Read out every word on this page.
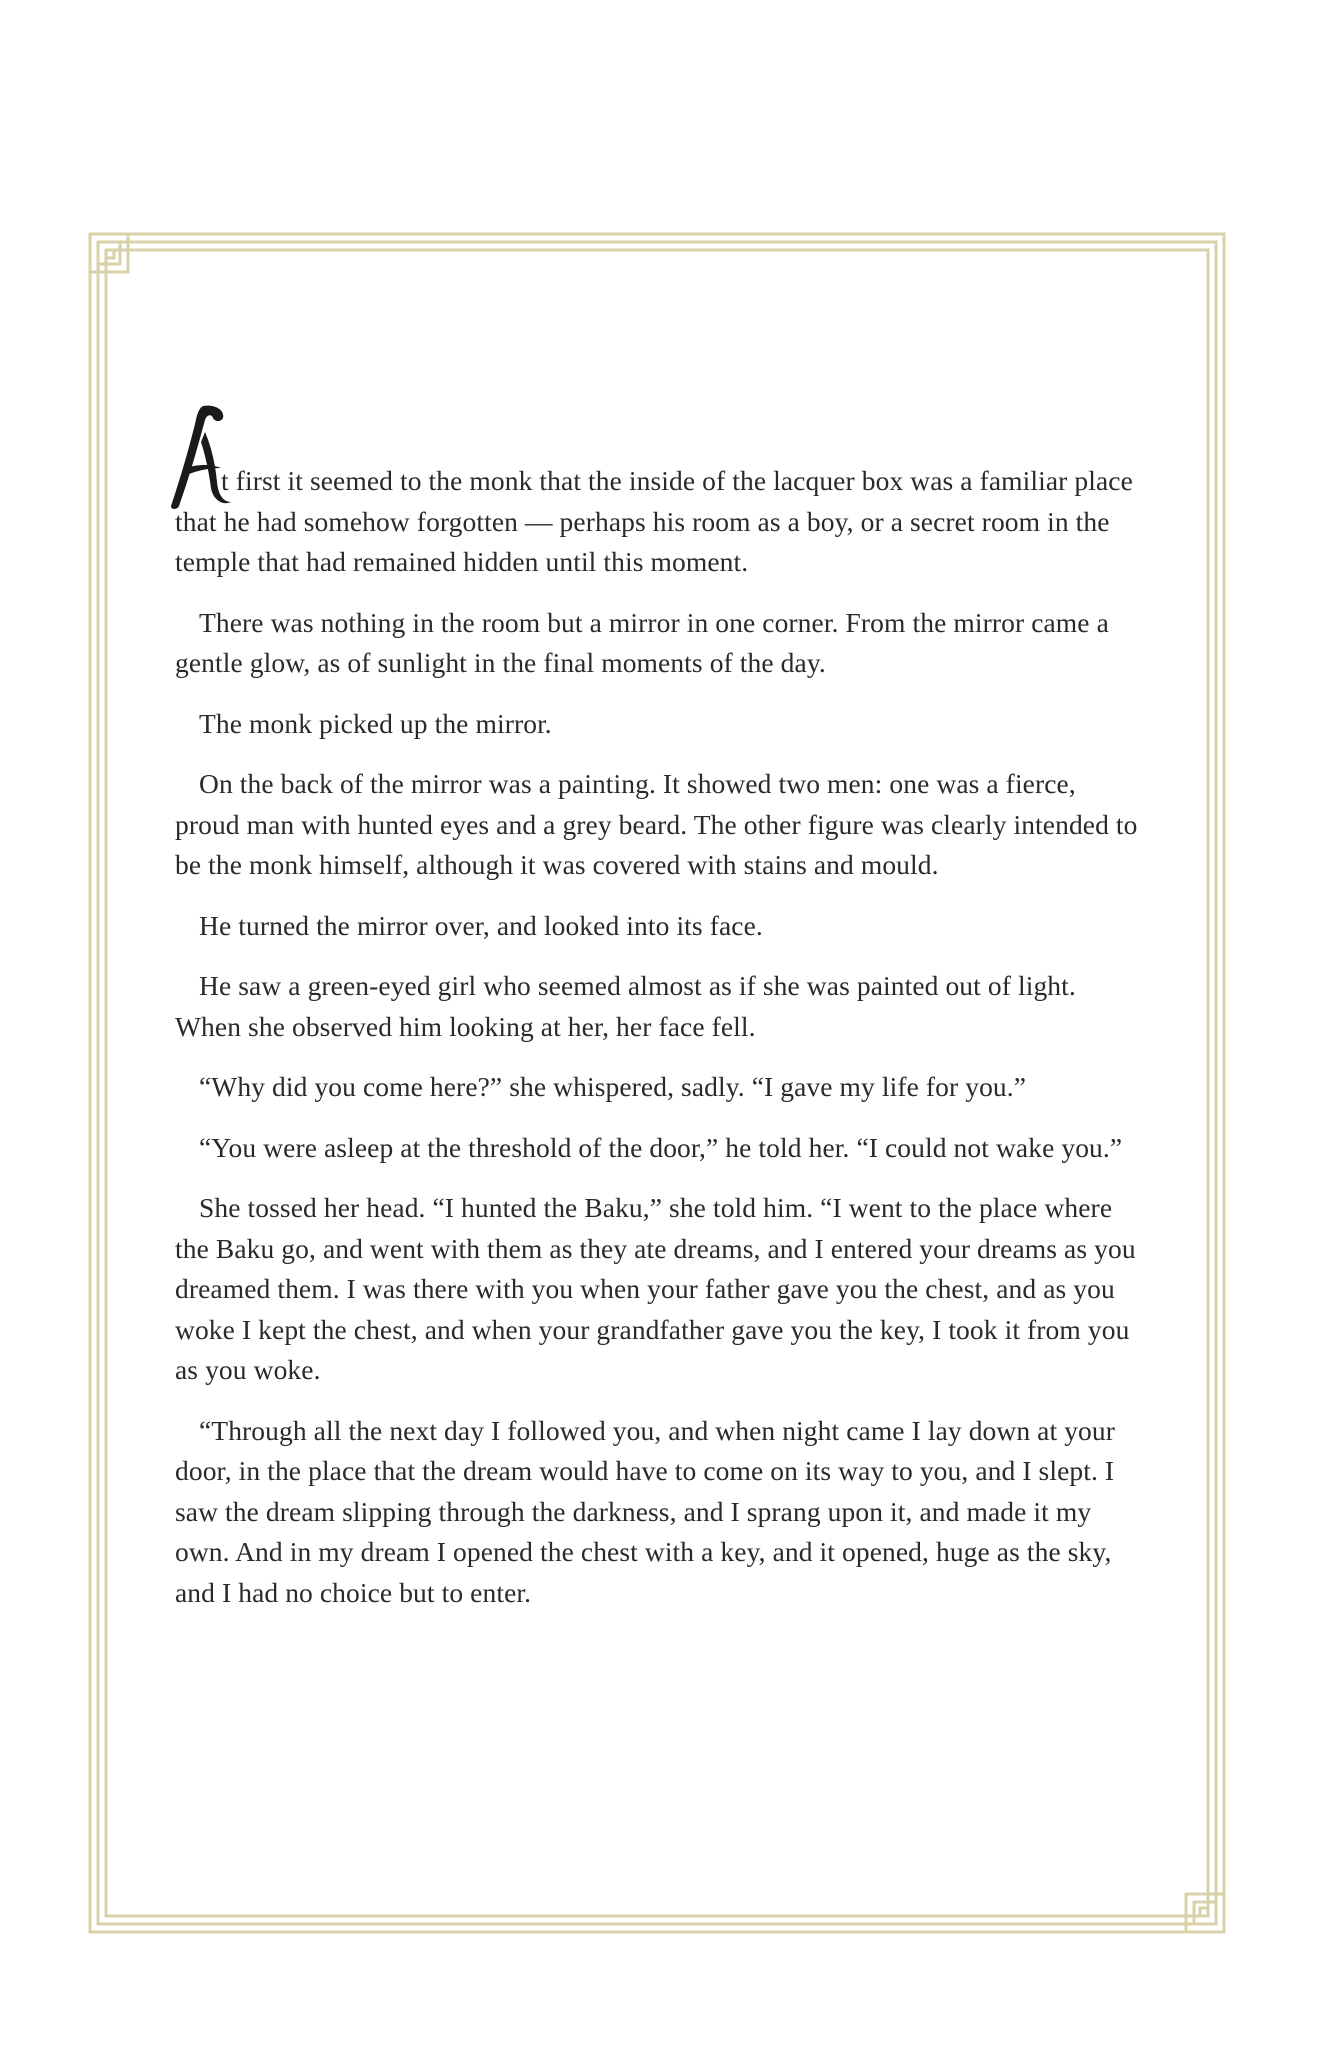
t first it seemed to the monk that the inside of the lacquer box was a familiar place that he had somehow forgotten — perhaps his room as a boy, or a secret room in the temple that had remained hidden until this moment.

There was nothing in the room but a mirror in one corner. From the mirror came a gentle glow, as of sunlight in the final moments of the day.

The monk picked up the mirror.

On the back of the mirror was a painting. It showed two men: one was a fierce, proud man with hunted eyes and a grey beard. The other figure was clearly intended to be the monk himself, although it was covered with stains and mould.

He turned the mirror over, and looked into its face.

He saw a green-eyed girl who seemed almost as if she was painted out of light. When she observed him looking at her, her face fell.

“Why did you come here?” she whispered, sadly. “I gave my life for you.”

“You were asleep at the threshold of the door,” he told her. “I could not wake you.”

She tossed her head. “I hunted the Baku,” she told him. “I went to the place where the Baku go, and went with them as they ate dreams, and I entered your dreams as you dreamed them. I was there with you when your father gave you the chest, and as you woke I kept the chest, and when your grandfather gave you the key, I took it from you as you woke.

“Through all the next day I followed you, and when night came I lay down at your door, in the place that the dream would have to come on its way to you, and I slept. I saw the dream slipping through the darkness, and I sprang upon it, and made it my own. And in my dream I opened the chest with a key, and it opened, huge as the sky, and I had no choice but to enter.
